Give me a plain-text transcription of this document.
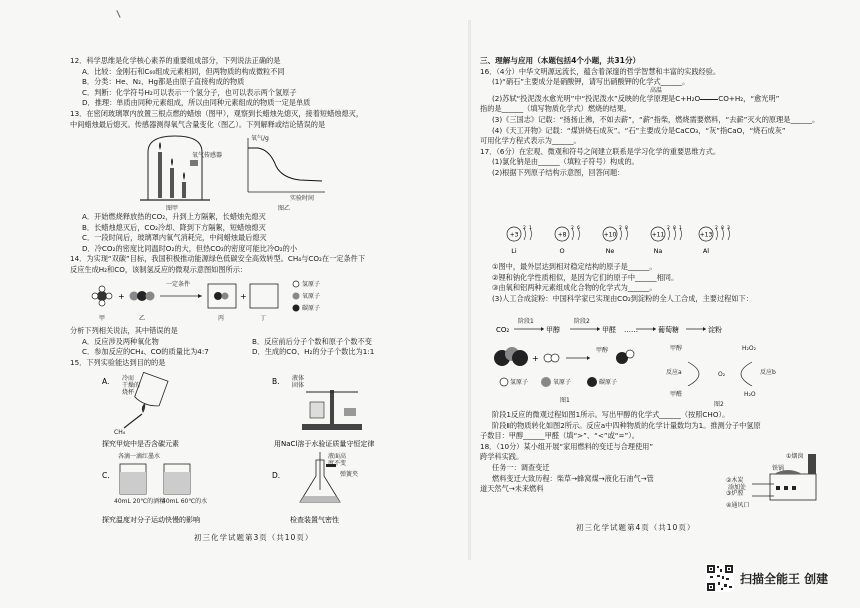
12．科学思维是化学核心素养的重要组成部分，下列说法正确的是

A．比较：金刚石和C₆₀组成元素相同，但两物质的构成微粒不同

B．分类：He、N₂、Hg都是由原子直接构成的物质

C．判断：化学符号H₂可以表示一个氢分子，也可以表示两个氢原子

D．推理：单质由同种元素组成，所以由同种元素组成的物质一定是单质

13．在密闭玻璃罩内放置三根点燃的蜡烛（图甲），观察到长蜡烛先熄灭，接着短蜡烛熄灭，

中间蜡烛最后熄灭。传感器测得氧气含量变化（图乙）。下列解释或结论错误的是

氧气传感器
图甲
氧气/g
实验时间
图乙

A．开始燃烧释放热的CO₂，升到上方隔絮，长蜡烛先熄灭

B．长蜡烛熄灭后，CO₂冷却、降到下方隔絮，短蜡烛熄灭

C．一段时间后，玻璃罩内氧气消耗完，中间蜡烛最后熄灭

D．冷CO₂的密度比同温时O₂的大，但热CO₂的密度可能比冷O₂的小

14．为实现“双碳”目标，我国积极推动能源绿色低碳安全高效转型。CH₄与CO₂在一定条件下

反应生成H₂和CO，该制氢反应的微观示意图如图所示：

+
一定条件
+
氢原子
氧原子
碳原子
甲	乙	丙	丁

分析下列相关说法，其中错误的是

A．反应涉及两种氧化物	B．反应前后分子个数和原子个数不变

C．参加反应的CH₄、CO的质量比为4:7	D．生成的CO、H₂的分子个数比为1:1

15．下列实验能达到目的的是

A. 冷而
干燥的
烧杯
CH₄
探究甲烷中是否含碳元素
B. 液体
固体
用NaCl溶于水验证质量守恒定律
C.
各滴一滴红墨水
40mL 20℃的酒精
40mL 60℃的水
探究温度对分子运动快慢的影响
D.
液面高
度不变
弹簧夹
检查装置气密性
初三化学试题第3页（共10页）

三、理解与应用（本题包括4个小题，共31分）

16．（4分）中华文明源远流长，蕴含着深邃的哲学智慧和丰富的实践经验。

(1)“硝石”主要成分是硝酸钾，请写出硝酸钾的化学式______。

高温

(2)苏轼“投泥泼水愈光明”中“投泥泼水”反映的化学原理是C+H₂O	CO+H₂，“愈光明”

指的是______（填写物质化学式）燃烧的结果。

(3)《三国志》记载：“扬扬止沸，不如去薪”，“薪”指柴，燃烧需要燃料，“去薪”灭火的原理是______。

(4)《天工开物》记载：“煤饼烧石成灰”。“石”主要成分是CaCO₃，“灰”指CaO，“烧石成灰”

可用化学方程式表示为______。

17．（6分）在宏观、微观和符号之间建立联系是学习化学的重要思维方式。

(1)氯化钠是由______（填粒子符号）构成的。

(2)根据下列原子结构示意图，回答问题：

2 1
+3
Li
2 6
+8
O
2 8
+10
Ne
2 8 1
+11
Na
2 8 3
+13
Al

①图中，最外层达到相对稳定结构的原子是______。

②锂和钠化学性质相似，是因为它们的原子中______相同。

③由氧和铝两种元素组成化合物的化学式为______。

(3)人工合成淀粉：中国科学家已实现由CO₂到淀粉的全人工合成，主要过程如下：

CO₂
阶段1
甲醇
阶段2
甲醛 ……	葡萄糖	淀粉
+
甲醇
氢原子	氧原子	碳原子
图1
甲醇	H₂O₂
反应a	反应b
O₂
甲醛	H₂O
图2

阶段1反应的微观过程如图1所示。写出甲醇的化学式______（按照CHO）。

阶段Ⅱ的物质转化如图2所示。反应a中四种物质的化学计量数均为1。推测分子中氢原

子数目：甲醇______甲醛（填“>”、“<”或“=”）。

18．（10分）某小组开展“家用燃料的变迁与合理使用”

跨学科实践。

任务一：调查变迁

燃料变迁大致历程：柴草→蜂窝煤→液化石油气→管

道天然气→未来燃料

①烟囱
铁锅
②木炭
添加处
③炉膛
④通风口
初三化学试题第4页（共10页）
扫描全能王 创建
